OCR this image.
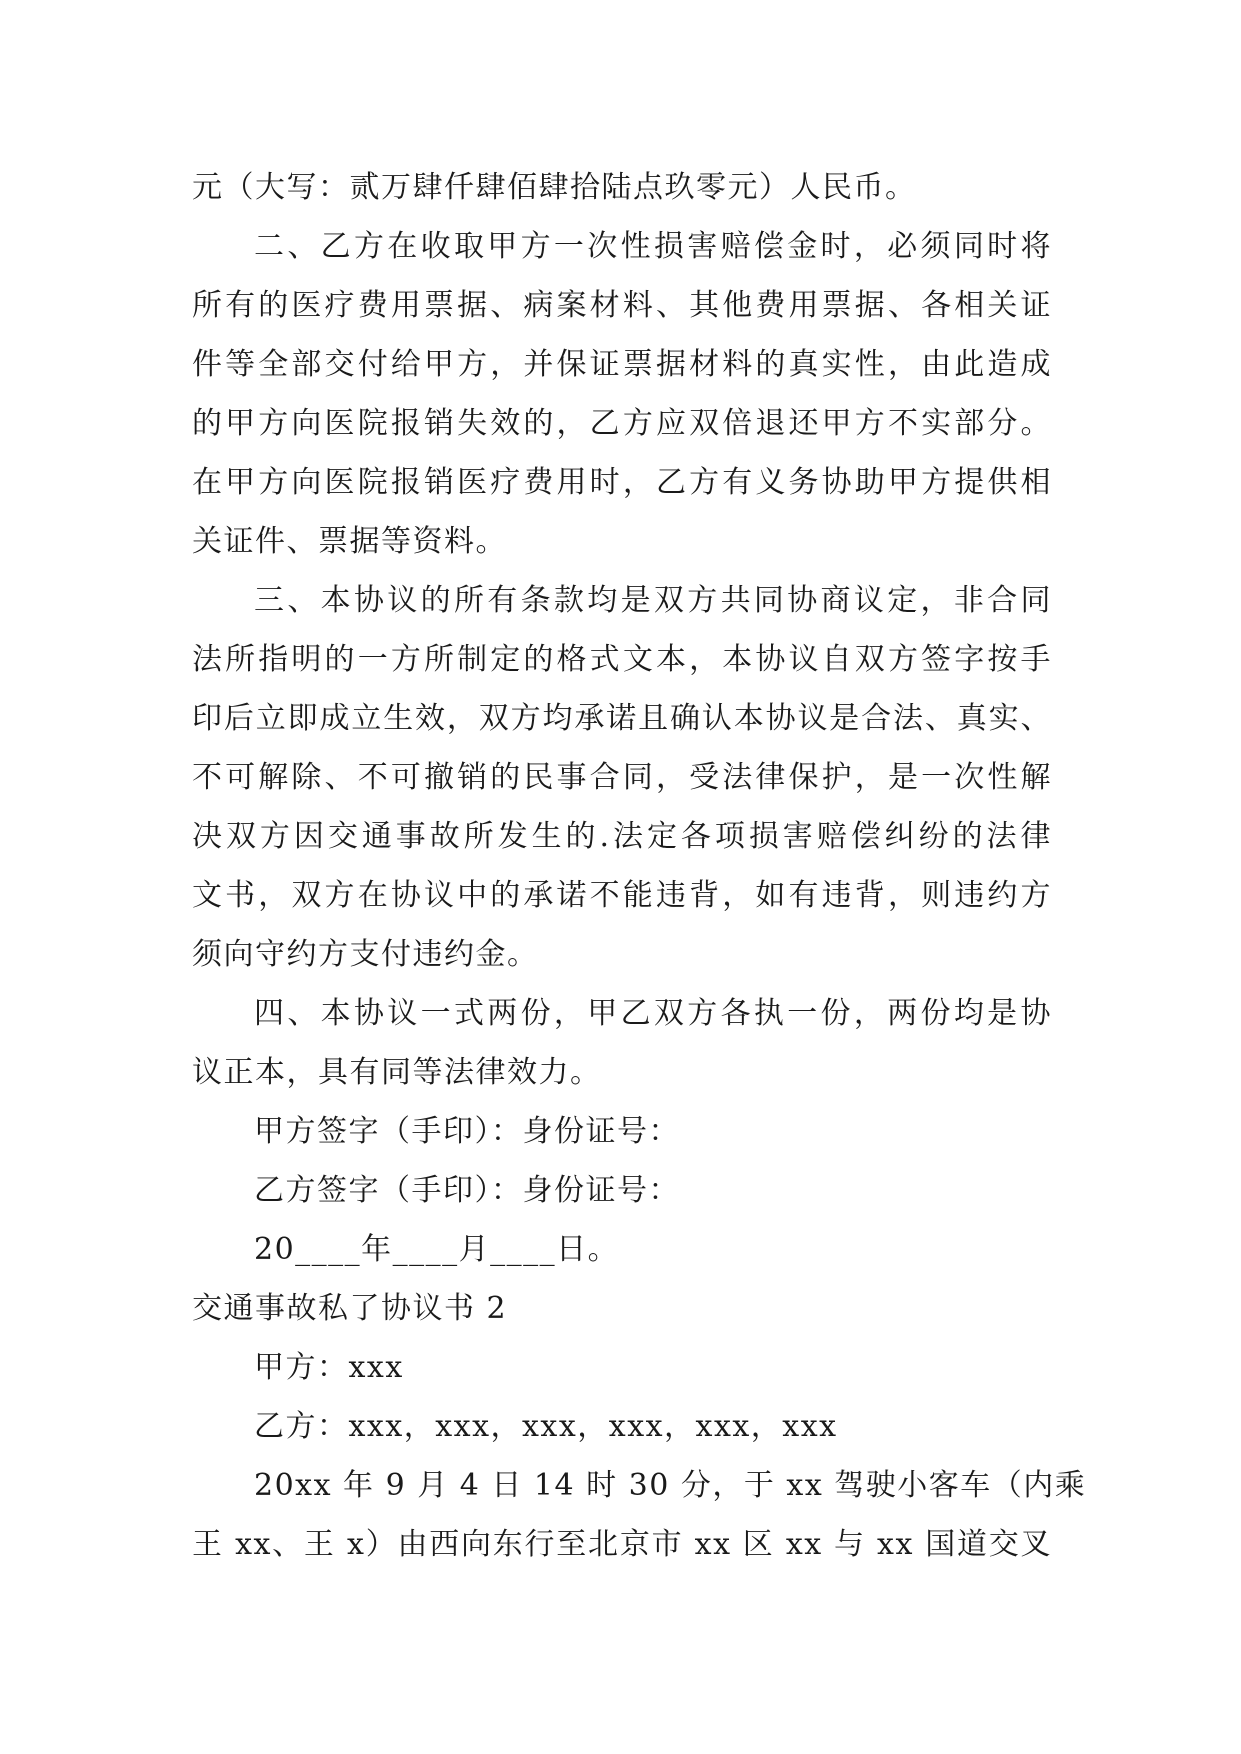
元（大写：贰万肆仟肆佰肆拾陆点玖零元）人民币。
二、乙方在收取甲方一次性损害赔偿金时，必须同时将
所有的医疗费用票据、病案材料、其他费用票据、各相关证
件等全部交付给甲方，并保证票据材料的真实性，由此造成
的甲方向医院报销失效的，乙方应双倍退还甲方不实部分。
在甲方向医院报销医疗费用时，乙方有义务协助甲方提供相
关证件、票据等资料。
三、本协议的所有条款均是双方共同协商议定，非合同
法所指明的一方所制定的格式文本，本协议自双方签字按手
印后立即成立生效，双方均承诺且确认本协议是合法、真实、
不可解除、不可撤销的民事合同，受法律保护，是一次性解
决双方因交通事故所发生的.法定各项损害赔偿纠纷的法律
文书，双方在协议中的承诺不能违背，如有违背，则违约方
须向守约方支付违约金。
四、本协议一式两份，甲乙双方各执一份，两份均是协
议正本，具有同等法律效力。
甲方签字（手印）：身份证号：
乙方签字（手印）：身份证号：
20____年____月____日。
交通事故私了协议书 2
甲方：xxx
乙方：xxx，xxx，xxx，xxx，xxx，xxx
20xx 年 9 月 4 日 14 时 30 分，于 xx 驾驶小客车（内乘
王 xx、王 x）由西向东行至北京市 xx 区 xx 与 xx 国道交叉
